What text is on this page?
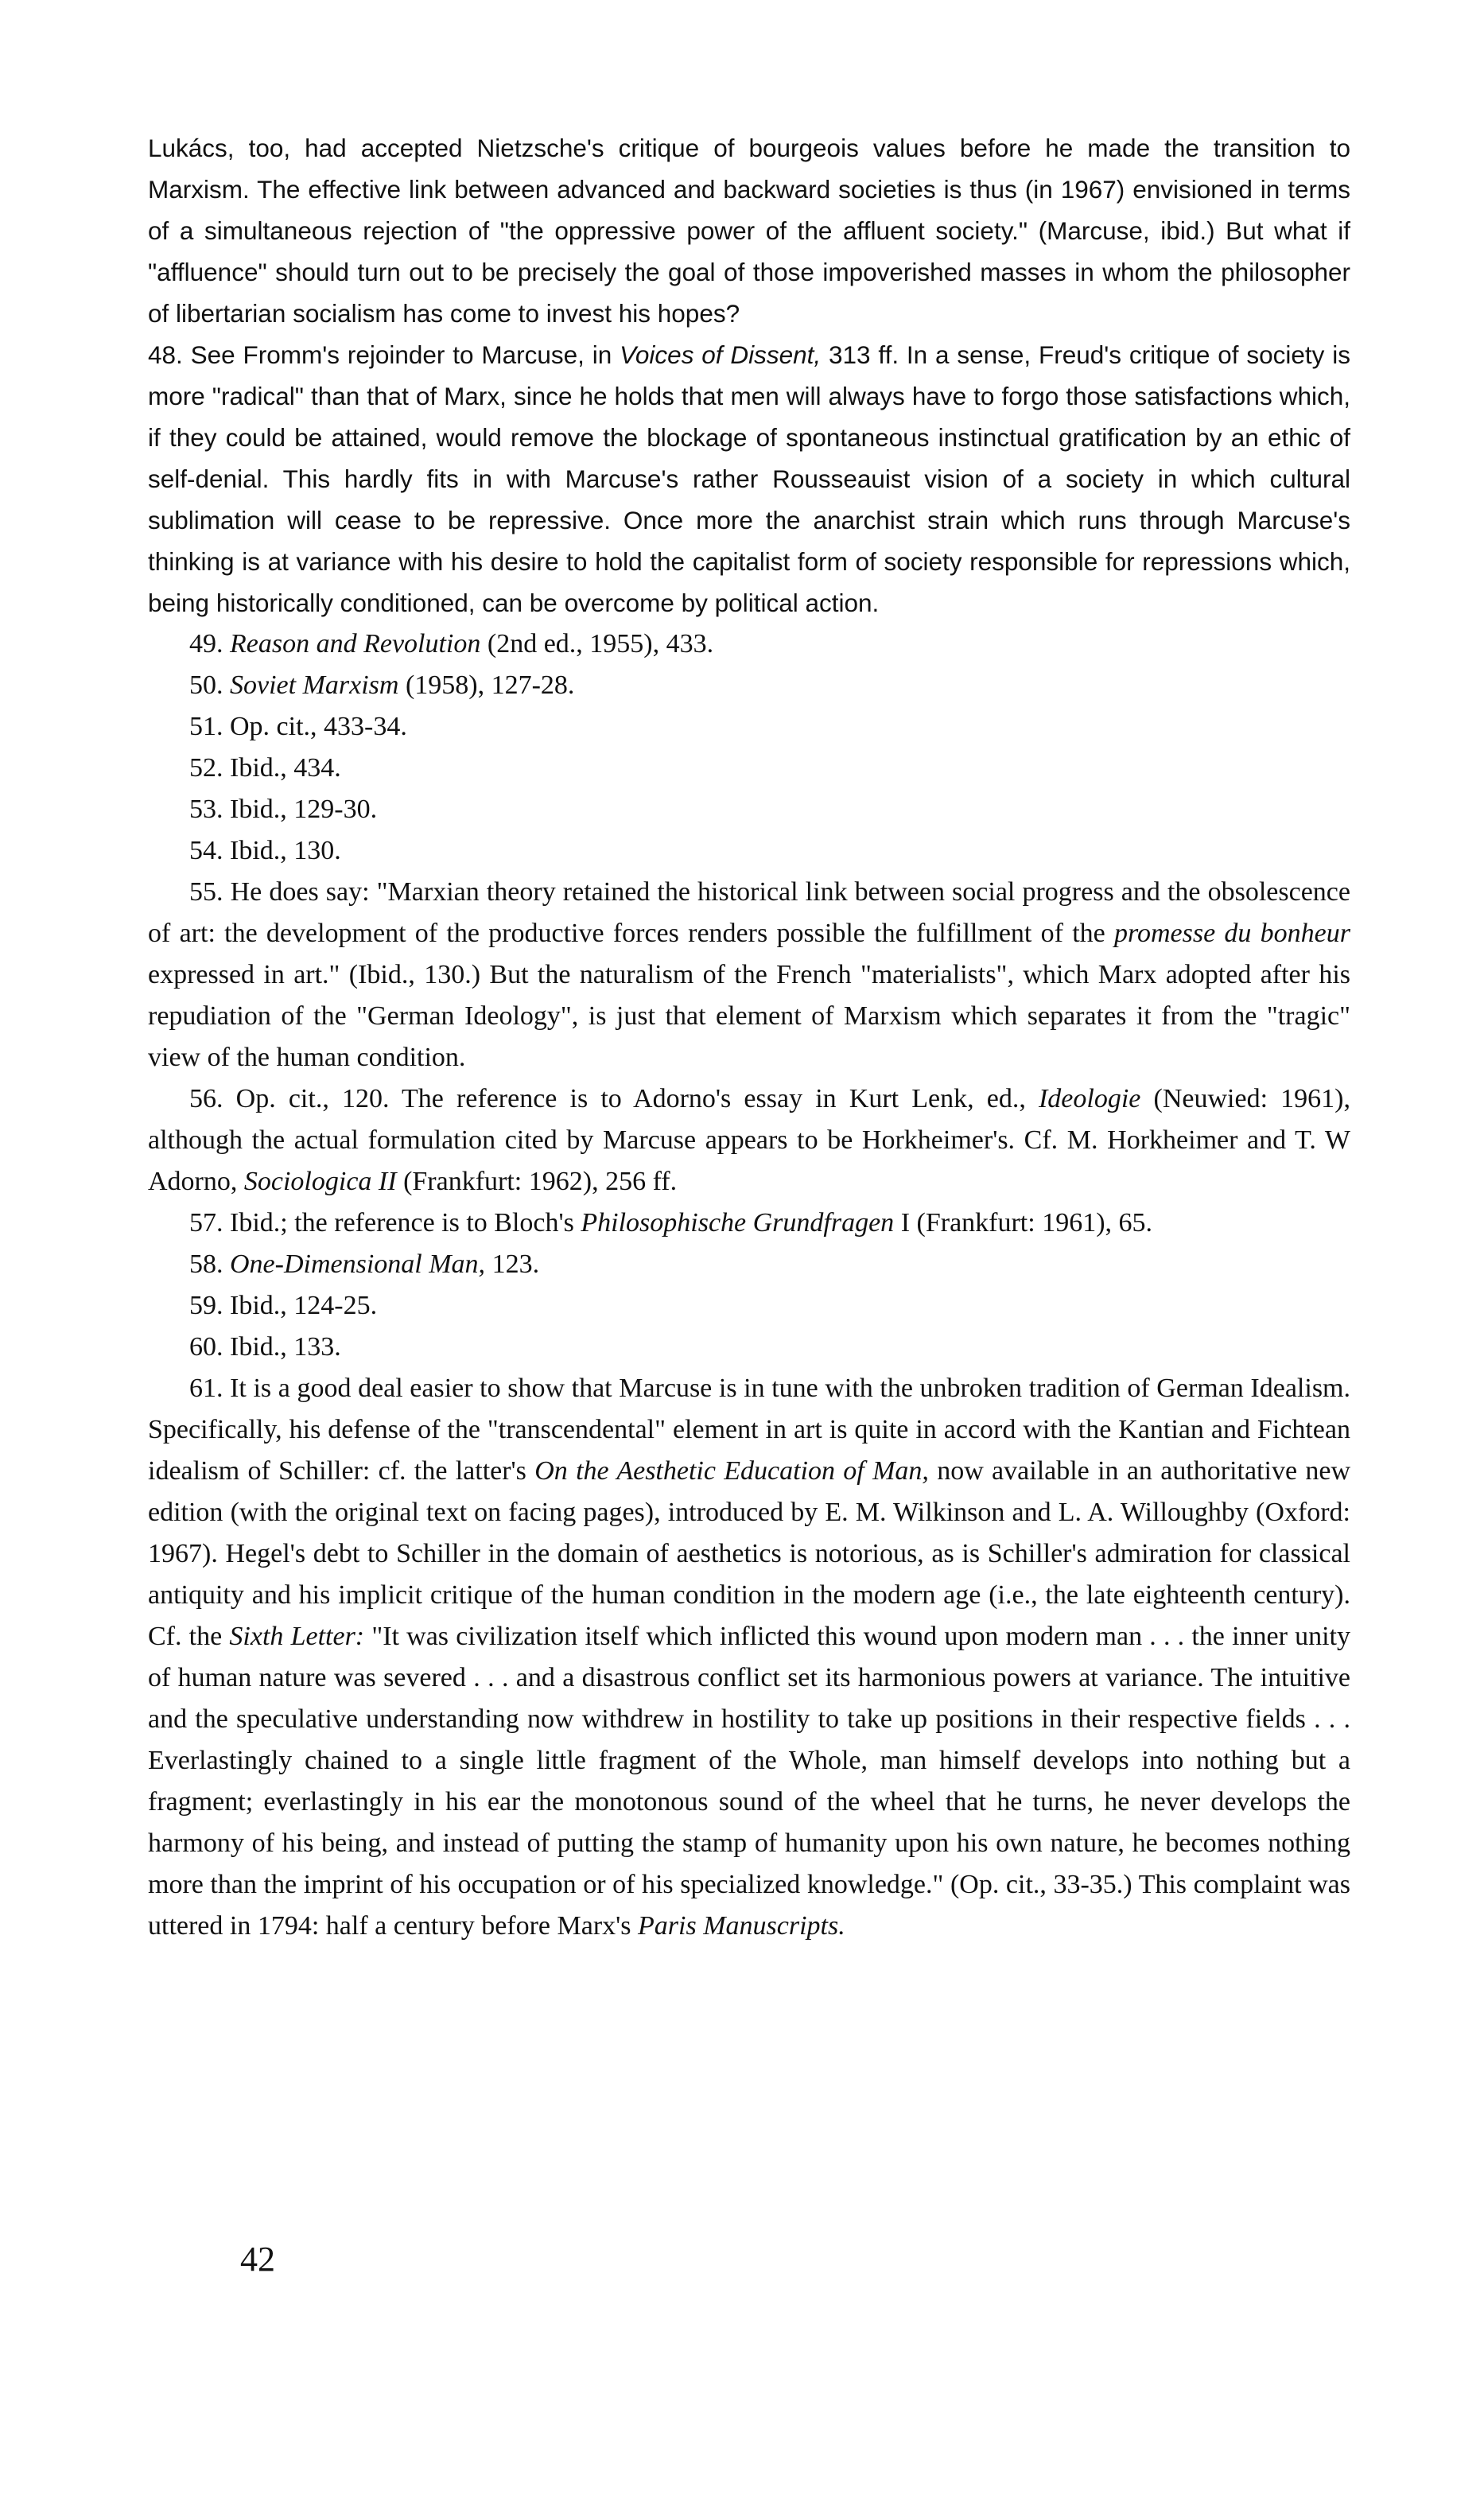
Lukács, too, had accepted Nietzsche's critique of bourgeois values before he made the transition to Marxism. The effective link between advanced and backward societies is thus (in 1967) envisioned in terms of a simultaneous rejection of "the oppressive power of the affluent society." (Marcuse, ibid.) But what if "affluence" should turn out to be precisely the goal of those impoverished masses in whom the philosopher of libertarian socialism has come to invest his hopes?

48. See Fromm's rejoinder to Marcuse, in Voices of Dissent, 313 ff. In a sense, Freud's critique of society is more "radical" than that of Marx, since he holds that men will always have to forgo those satisfactions which, if they could be attained, would remove the blockage of spontaneous instinctual gratification by an ethic of self-denial. This hardly fits in with Marcuse's rather Rousseauist vision of a society in which cultural sublimation will cease to be repressive. Once more the anarchist strain which runs through Marcuse's thinking is at variance with his desire to hold the capitalist form of society responsible for repressions which, being historically conditioned, can be overcome by political action.

49. Reason and Revolution (2nd ed., 1955), 433.

50. Soviet Marxism (1958), 127-28.

51. Op. cit., 433-34.

52. Ibid., 434.

53. Ibid., 129-30.

54. Ibid., 130.

55. He does say: "Marxian theory retained the historical link between social progress and the obsolescence of art: the development of the productive forces renders possible the fulfillment of the promesse du bonheur expressed in art." (Ibid., 130.) But the naturalism of the French "materialists", which Marx adopted after his repudiation of the "German Ideology", is just that element of Marxism which separates it from the "tragic" view of the human condition.

56. Op. cit., 120. The reference is to Adorno's essay in Kurt Lenk, ed., Ideologie (Neuwied: 1961), although the actual formulation cited by Marcuse appears to be Horkheimer's. Cf. M. Horkheimer and T. W Adorno, Sociologica II (Frankfurt: 1962), 256 ff.

57. Ibid.; the reference is to Bloch's Philosophische Grundfragen I (Frankfurt: 1961), 65.

58. One-Dimensional Man, 123.

59. Ibid., 124-25.

60. Ibid., 133.

61. It is a good deal easier to show that Marcuse is in tune with the unbroken tradition of German Idealism. Specifically, his defense of the "transcendental" element in art is quite in accord with the Kantian and Fichtean idealism of Schiller: cf. the latter's On the Aesthetic Education of Man, now available in an authoritative new edition (with the original text on facing pages), introduced by E. M. Wilkinson and L. A. Willoughby (Oxford: 1967). Hegel's debt to Schiller in the domain of aesthetics is notorious, as is Schiller's admiration for classical antiquity and his implicit critique of the human condition in the modern age (i.e., the late eighteenth century). Cf. the Sixth Letter: "It was civilization itself which inflicted this wound upon modern man . . . the inner unity of human nature was severed . . . and a disastrous conflict set its harmonious powers at variance. The intuitive and the speculative understanding now withdrew in hostility to take up positions in their respective fields . . . Everlastingly chained to a single little fragment of the Whole, man himself develops into nothing but a fragment; everlastingly in his ear the monotonous sound of the wheel that he turns, he never develops the harmony of his being, and instead of putting the stamp of humanity upon his own nature, he becomes nothing more than the imprint of his occupation or of his specialized knowledge." (Op. cit., 33-35.) This complaint was uttered in 1794: half a century before Marx's Paris Manuscripts.

42
